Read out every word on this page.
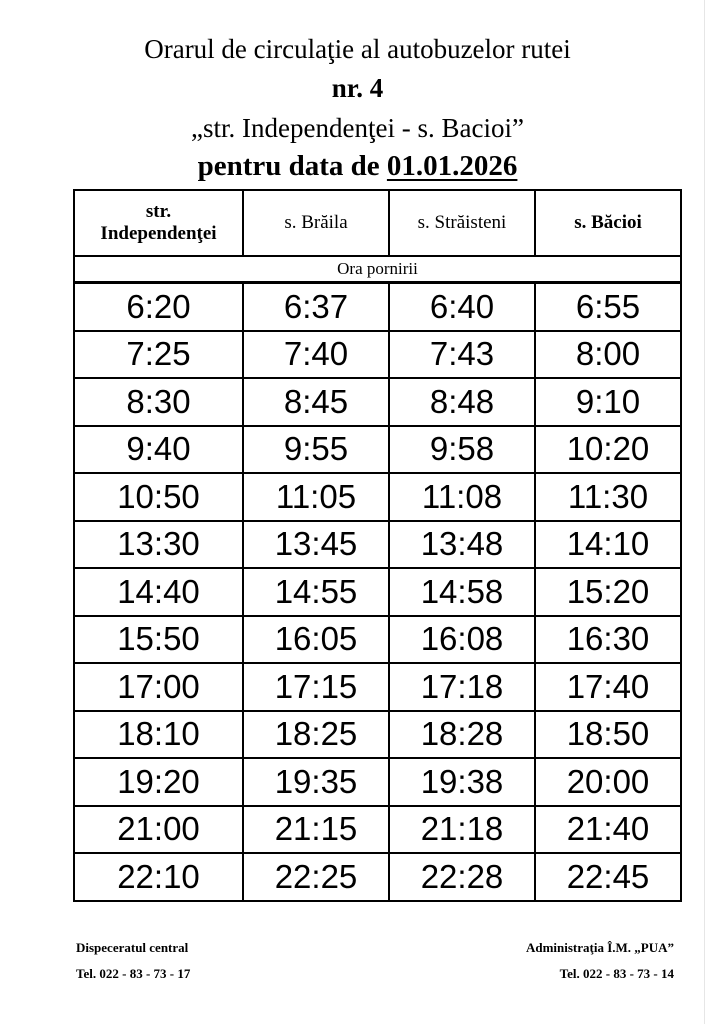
Orarul de circulaţie al autobuzelor rutei
nr. 4
„str. Independenţei - s. Bacioi”
pentru data de 01.01.2026
str.
Independenţei	s. Brăila	s. Străisteni	s. Băcioi
Ora pornirii			
6:20	6:37	6:40	6:55
7:25	7:40	7:43	8:00
8:30	8:45	8:48	9:10
9:40	9:55	9:58	10:20
10:50	11:05	11:08	11:30
13:30	13:45	13:48	14:10
14:40	14:55	14:58	15:20
15:50	16:05	16:08	16:30
17:00	17:15	17:18	17:40
18:10	18:25	18:28	18:50
19:20	19:35	19:38	20:00
21:00	21:15	21:18	21:40
22:10	22:25	22:28	22:45
Dispeceratul central
Tel. 022 - 83 - 73 - 17
Administraţia Î.M. „PUA”
Tel. 022 - 83 - 73 - 14
